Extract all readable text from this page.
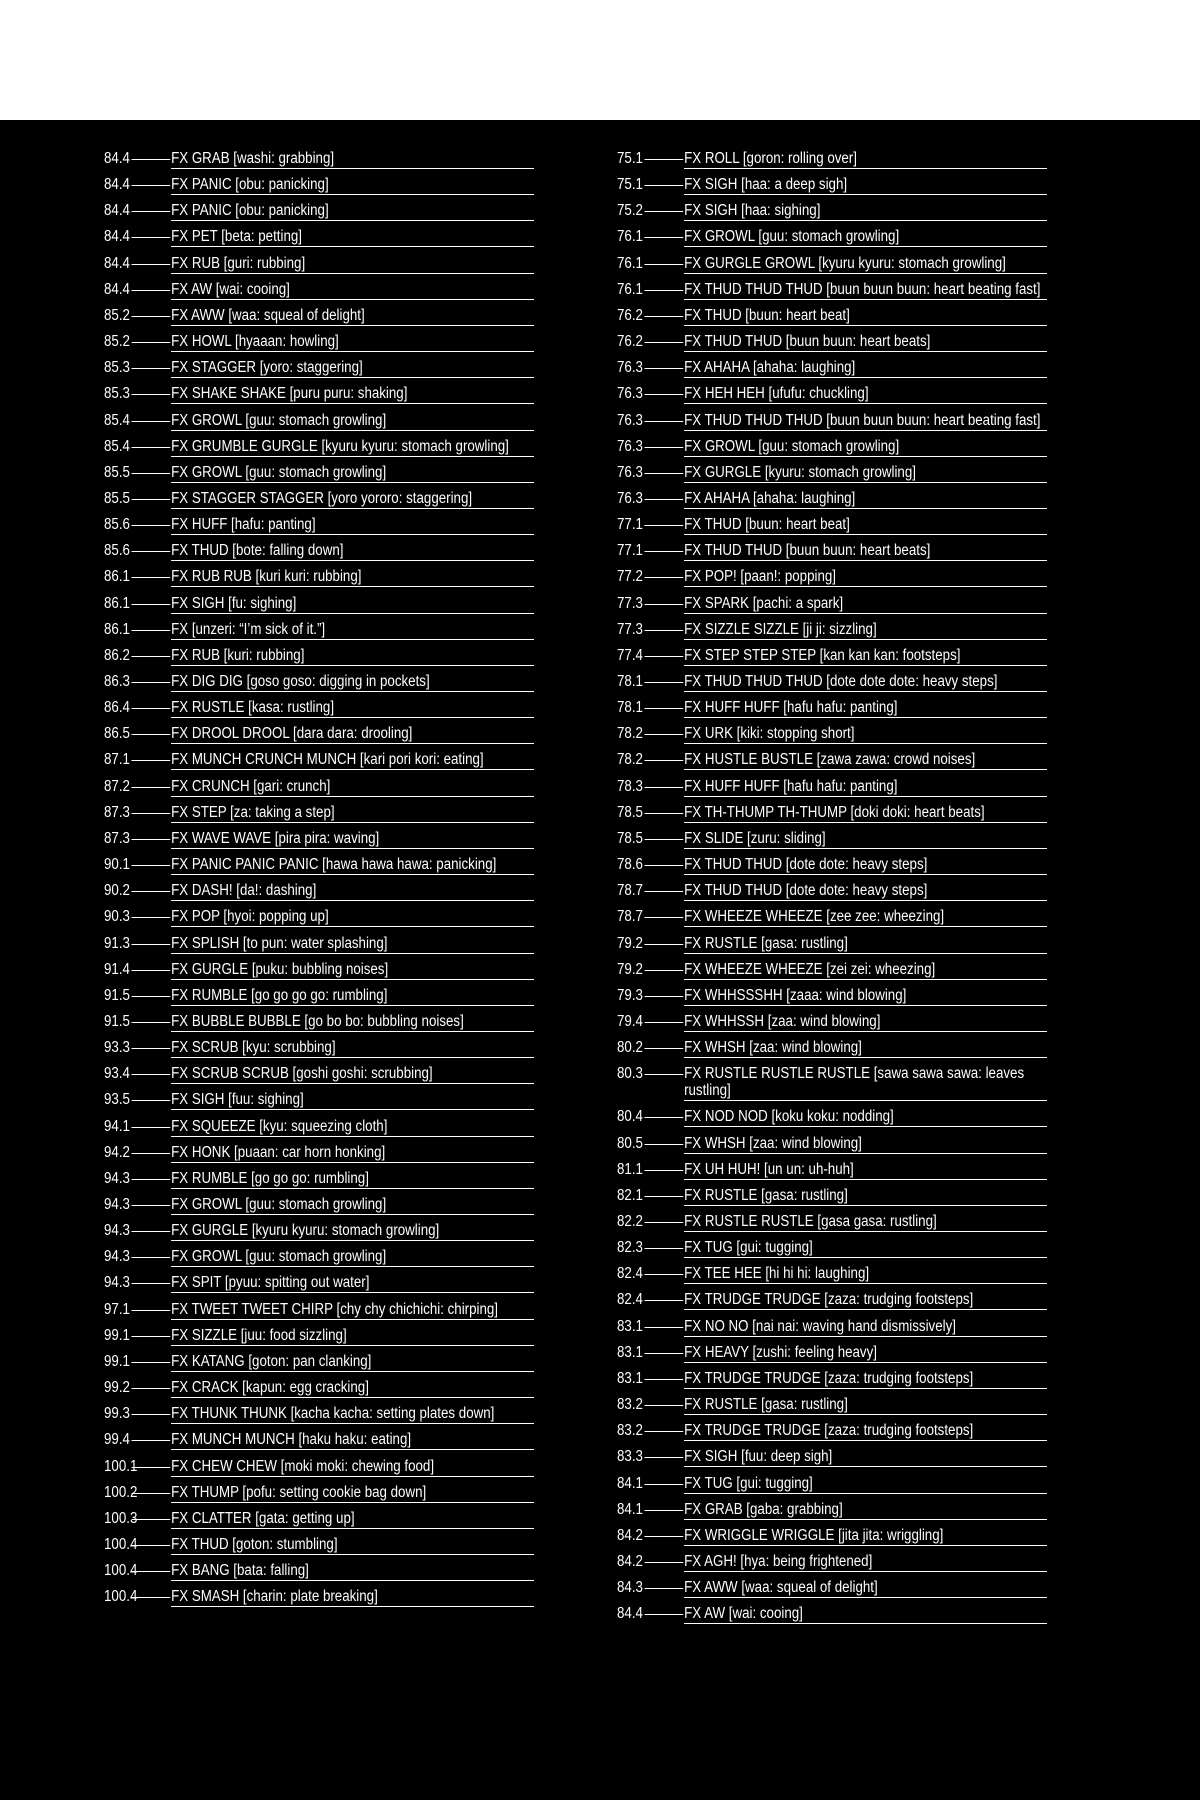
84.4	FX GRAB [washi: grabbing]
84.4	FX PANIC [obu: panicking]
84.4	FX PANIC [obu: panicking]
84.4	FX PET [beta: petting]
84.4	FX RUB [guri: rubbing]
84.4	FX AW [wai: cooing]
85.2	FX AWW [waa: squeal of delight]
85.2	FX HOWL [hyaaan: howling]
85.3	FX STAGGER [yoro: staggering]
85.3	FX SHAKE SHAKE [puru puru: shaking]
85.4	FX GROWL [guu: stomach growling]
85.4	FX GRUMBLE GURGLE [kyuru kyuru: stomach growling]
85.5	FX GROWL [guu: stomach growling]
85.5	FX STAGGER STAGGER [yoro yororo: staggering]
85.6	FX HUFF [hafu: panting]
85.6	FX THUD [bote: falling down]
86.1	FX RUB RUB [kuri kuri: rubbing]
86.1	FX SIGH [fu: sighing]
86.1	FX [unzeri: “I’m sick of it.”]
86.2	FX RUB [kuri: rubbing]
86.3	FX DIG DIG [goso goso: digging in pockets]
86.4	FX RUSTLE [kasa: rustling]
86.5	FX DROOL DROOL [dara dara: drooling]
87.1	FX MUNCH CRUNCH MUNCH [kari pori kori: eating]
87.2	FX CRUNCH [gari: crunch]
87.3	FX STEP [za: taking a step]
87.3	FX WAVE WAVE [pira pira: waving]
90.1	FX PANIC PANIC PANIC [hawa hawa hawa: panicking]
90.2	FX DASH! [da!: dashing]
90.3	FX POP [hyoi: popping up]
91.3	FX SPLISH [to pun: water splashing]
91.4	FX GURGLE [puku: bubbling noises]
91.5	FX RUMBLE [go go go go: rumbling]
91.5	FX BUBBLE BUBBLE [go bo bo: bubbling noises]
93.3	FX SCRUB [kyu: scrubbing]
93.4	FX SCRUB SCRUB [goshi goshi: scrubbing]
93.5	FX SIGH [fuu: sighing]
94.1	FX SQUEEZE [kyu: squeezing cloth]
94.2	FX HONK [puaan: car horn honking]
94.3	FX RUMBLE [go go go: rumbling]
94.3	FX GROWL [guu: stomach growling]
94.3	FX GURGLE [kyuru kyuru: stomach growling]
94.3	FX GROWL [guu: stomach growling]
94.3	FX SPIT [pyuu: spitting out water]
97.1	FX TWEET TWEET CHIRP [chy chy chichichi: chirping]
99.1	FX SIZZLE [juu: food sizzling]
99.1	FX KATANG [goton: pan clanking]
99.2	FX CRACK [kapun: egg cracking]
99.3	FX THUNK THUNK [kacha kacha: setting plates down]
99.4	FX MUNCH MUNCH [haku haku: eating]
100.1 FX CHEW CHEW [moki moki: chewing food]
100.2 FX THUMP [pofu: setting cookie bag down]
100.3 FX CLATTER [gata: getting up]
100.4 FX THUD [goton: stumbling]
100.4 FX BANG [bata: falling]
100.4 FX SMASH [charin: plate breaking]
75.1	FX ROLL [goron: rolling over]
75.1	FX SIGH [haa: a deep sigh]
75.2	FX SIGH [haa: sighing]
76.1	FX GROWL [guu: stomach growling]
76.1	FX GURGLE GROWL [kyuru kyuru: stomach growling]
76.1	FX THUD THUD THUD [buun buun buun: heart beating fast]
76.2	FX THUD [buun: heart beat]
76.2	FX THUD THUD [buun buun: heart beats]
76.3	FX AHAHA [ahaha: laughing]
76.3	FX HEH HEH [ufufu: chuckling]
76.3	FX THUD THUD THUD [buun buun buun: heart beating fast]
76.3	FX GROWL [guu: stomach growling]
76.3	FX GURGLE [kyuru: stomach growling]
76.3	FX AHAHA [ahaha: laughing]
77.1	FX THUD [buun: heart beat]
77.1	FX THUD THUD [buun buun: heart beats]
77.2	FX POP! [paan!: popping]
77.3	FX SPARK [pachi: a spark]
77.3	FX SIZZLE SIZZLE [ji ji: sizzling]
77.4	FX STEP STEP STEP [kan kan kan: footsteps]
78.1	FX THUD THUD THUD [dote dote dote: heavy steps]
78.1	FX HUFF HUFF [hafu hafu: panting]
78.2	FX URK [kiki: stopping short]
78.2	FX HUSTLE BUSTLE [zawa zawa: crowd noises]
78.3	FX HUFF HUFF [hafu hafu: panting]
78.5	FX TH-THUMP TH-THUMP [doki doki: heart beats]
78.5	FX SLIDE [zuru: sliding]
78.6	FX THUD THUD [dote dote: heavy steps]
78.7	FX THUD THUD [dote dote: heavy steps]
78.7	FX WHEEZE WHEEZE [zee zee: wheezing]
79.2	FX RUSTLE [gasa: rustling]
79.2	FX WHEEZE WHEEZE [zei zei: wheezing]
79.3	FX WHHSSSHH [zaaa: wind blowing]
79.4	FX WHHSSH [zaa: wind blowing]
80.2	FX WHSH [zaa: wind blowing]
80.3	FX RUSTLE RUSTLE RUSTLE [sawa sawa sawa: leaves rustling]
80.4	FX NOD NOD [koku koku: nodding]
80.5	FX WHSH [zaa: wind blowing]
81.1	FX UH HUH! [un un: uh-huh]
82.1	FX RUSTLE [gasa: rustling]
82.2	FX RUSTLE RUSTLE [gasa gasa: rustling]
82.3	FX TUG [gui: tugging]
82.4	FX TEE HEE [hi hi hi: laughing]
82.4	FX TRUDGE TRUDGE [zaza: trudging footsteps]
83.1	FX NO NO [nai nai: waving hand dismissively]
83.1	FX HEAVY [zushi: feeling heavy]
83.1	FX TRUDGE TRUDGE [zaza: trudging footsteps]
83.2	FX RUSTLE [gasa: rustling]
83.2	FX TRUDGE TRUDGE [zaza: trudging footsteps]
83.3	FX SIGH [fuu: deep sigh]
84.1	FX TUG [gui: tugging]
84.1	FX GRAB [gaba: grabbing]
84.2	FX WRIGGLE WRIGGLE [jita jita: wriggling]
84.2	FX AGH! [hya: being frightened]
84.3	FX AWW [waa: squeal of delight]
84.4	FX AW [wai: cooing]
